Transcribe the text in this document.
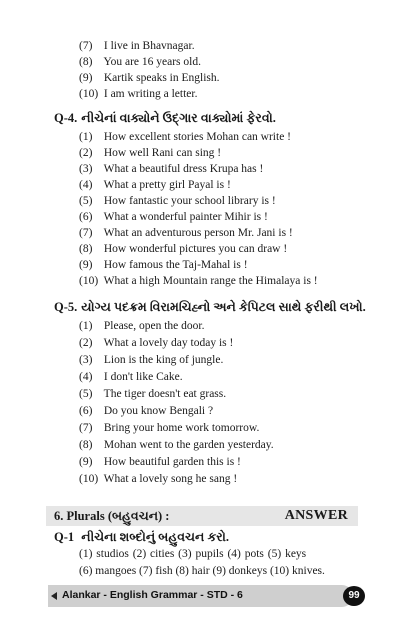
(7) I live in Bhavnagar.
(8) You are 16 years old.
(9) Kartik speaks in English.
(10) I am writing a letter.
Q-4. નીચેનાં વાક્યોને ઉદ્ગાર વાક્યોમાં ફેરવો.
(1) How excellent stories Mohan can write !
(2) How well Rani can sing !
(3) What a beautiful dress Krupa has !
(4) What a pretty girl Payal is !
(5) How fantastic your school library is !
(6) What a wonderful painter Mihir is !
(7) What an adventurous person Mr. Jani is !
(8) How wonderful pictures you can draw !
(9) How famous the Taj-Mahal is !
(10) What a high Mountain range the Himalaya is !
Q-5. યોગ્ય પદક્રમ વિરામચિહ્નો અને કેપિટલ સાથે ફરીથી લખો.
(1) Please, open the door.
(2) What a lovely day today is !
(3) Lion is the king of jungle.
(4) I don't like Cake.
(5) The tiger doesn't eat grass.
(6) Do you know Bengali ?
(7) Bring your home work tomorrow.
(8) Mohan went to the garden yesterday.
(9) How beautiful garden this is !
(10) What a lovely song he sang !
6. Plurals (બહુવચન) :	ANSWER
Q-1 નીચેના શબ્દોનું બહુવચન કરો.
(1) studios (2) cities (3) pupils (4) pots (5) keys
(6) mangoes (7) fish (8) hair (9) donkeys (10) knives.
Alankar - English Grammar - STD - 6	99
